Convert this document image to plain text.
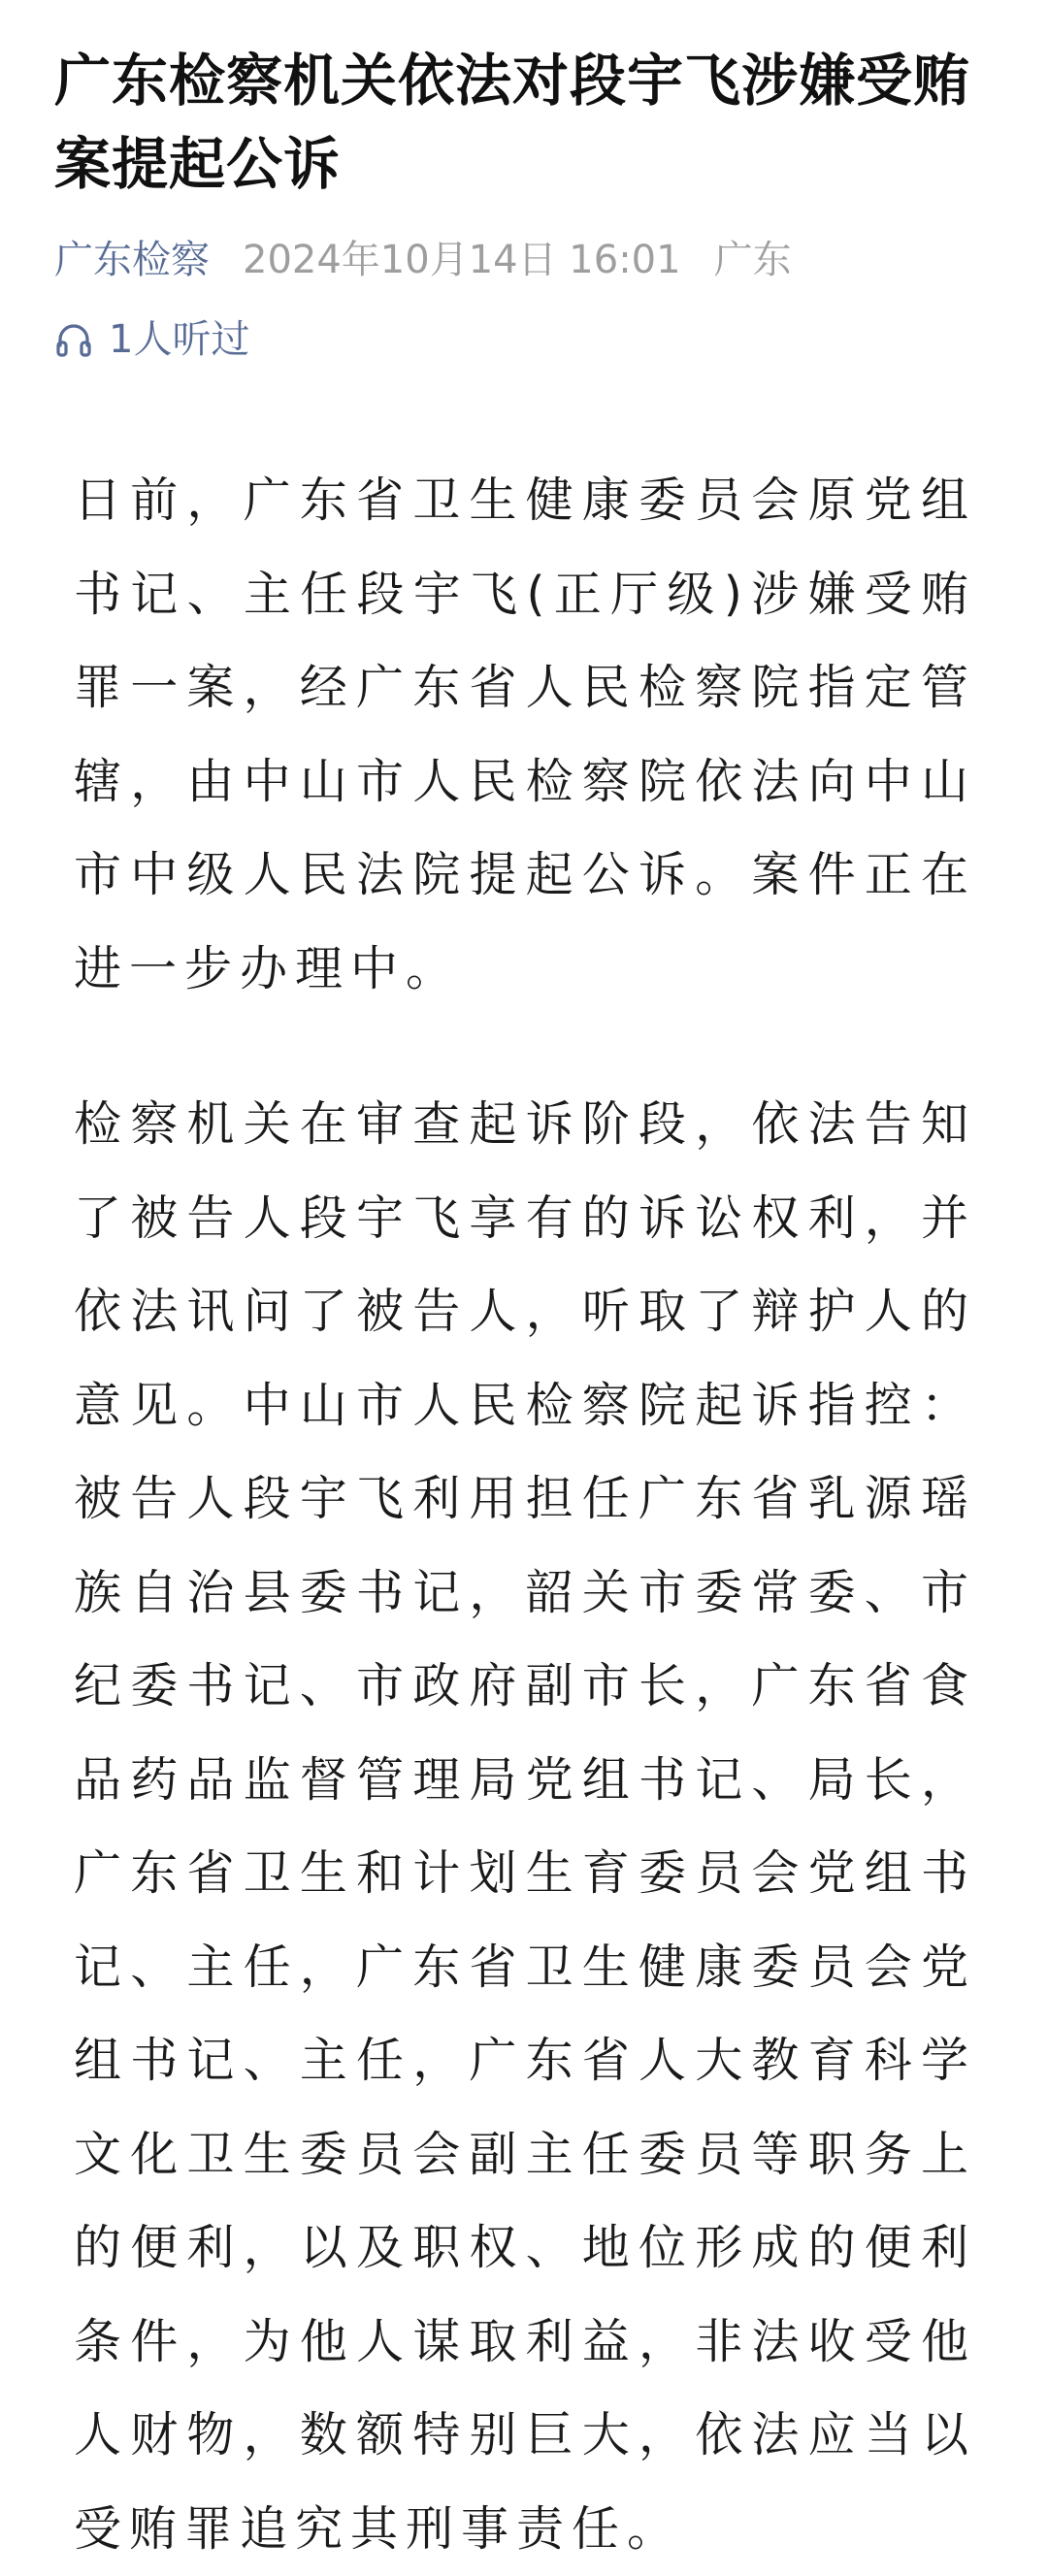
广东检察机关依法对段宇飞涉嫌受贿案提起公诉
广东检察 2024年10月14日 16:01 广东
1人听过

日前，广东省卫生健康委员会原党组书记、主任段宇飞(正厅级)涉嫌受贿罪一案，经广东省人民检察院指定管辖，由中山市人民检察院依法向中山市中级人民法院提起公诉。案件正在进一步办理中。

检察机关在审查起诉阶段，依法告知了被告人段宇飞享有的诉讼权利，并依法讯问了被告人，听取了辩护人的意见。中山市人民检察院起诉指控：被告人段宇飞利用担任广东省乳源瑶族自治县委书记，韶关市委常委、市纪委书记、市政府副市长，广东省食品药品监督管理局党组书记、局长，广东省卫生和计划生育委员会党组书记、主任，广东省卫生健康委员会党组书记、主任，广东省人大教育科学文化卫生委员会副主任委员等职务上的便利，以及职权、地位形成的便利条件，为他人谋取利益，非法收受他人财物，数额特别巨大，依法应当以受贿罪追究其刑事责任。
